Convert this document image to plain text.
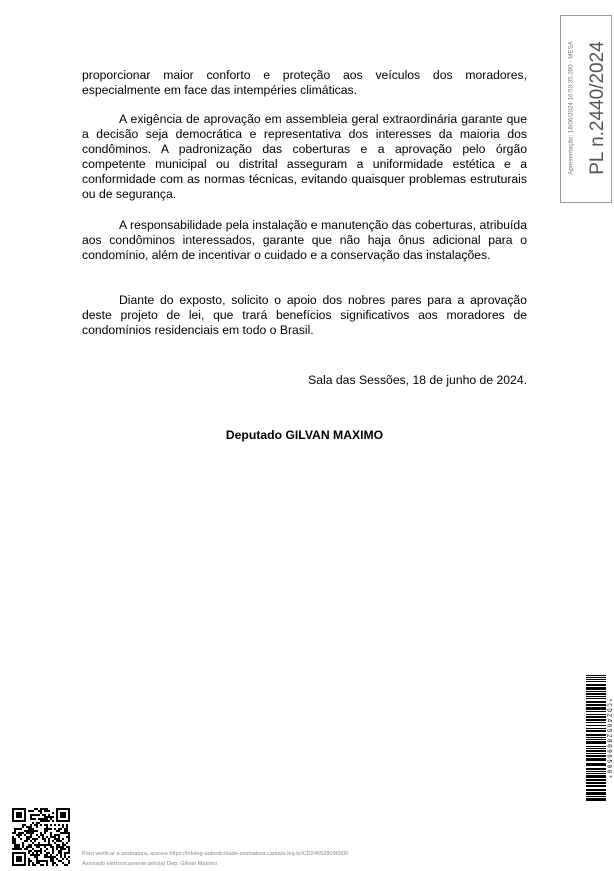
proporcionar maior conforto e proteção aos veículos dos moradores, especialmente em face das intempéries climáticas.

A exigência de aprovação em assembleia geral extraordinária garante que a decisão seja democrática e representativa dos interesses da maioria dos condôminos. A padronização das coberturas e a aprovação pelo órgão competente municipal ou distrital asseguram a uniformidade estética e a conformidade com as normas técnicas, evitando quaisquer problemas estruturais ou de segurança.

A responsabilidade pela instalação e manutenção das coberturas, atribuída aos condôminos interessados, garante que não haja ônus adicional para o condomínio, além de incentivar o cuidado e a conservação das instalações.

Diante do exposto, solicito o apoio dos nobres pares para a aprovação deste projeto de lei, que trará benefícios significativos aos moradores de condomínios residenciais em todo o Brasil.

Sala das Sessões, 18 de junho de 2024.
Deputado GILVAN MAXIMO
Apresentação: 18/06/2024 16:50:35.390 - MESA PL n.2440/2024
*CD246528096500*
Para verificar a assinatura, acesse https://infoleg-autenticidade-assinatura.camara.leg.br/CD246528096500
Assinado eletronicamente pelo(a) Dep. Gilvan Maximo
